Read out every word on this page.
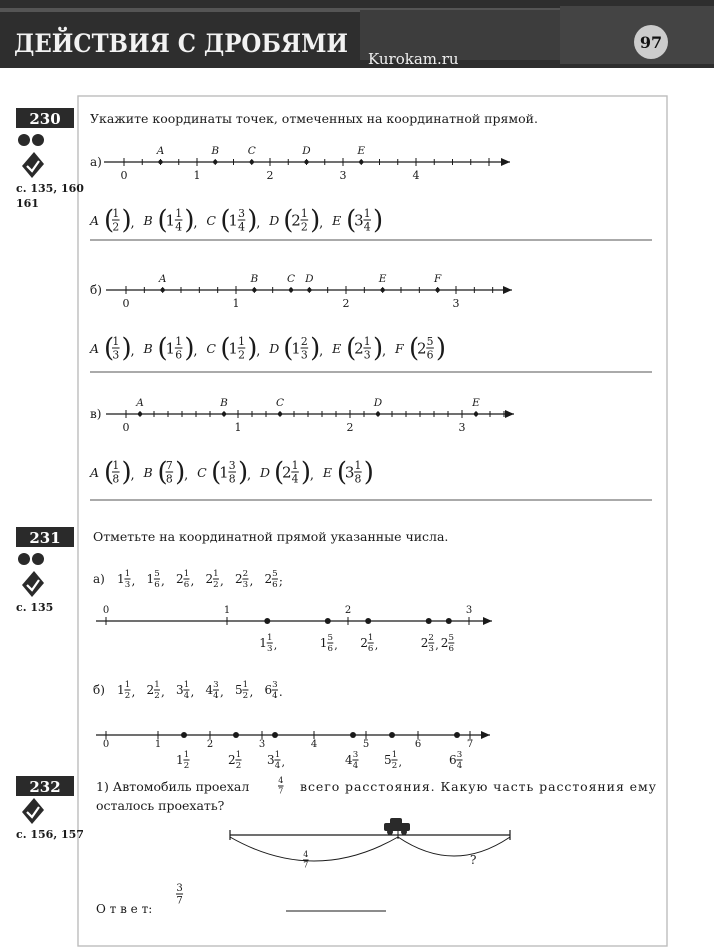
ДЕЙСТВИЯ С ДРОБЯМИ
Kurokam.ru
97
230
с. 135, 160
161
231
с. 135
232
с. 156, 157
Укажите координаты точек, отмеченных на координатной прямой.
а)
0	1	2	3	4
A	B	C	D	E
A ( )
, B ( )
, C ( )
, D ( )
, E ( )
1
2	1 1
4	1 3
4	2 1
2	3 1
4
б)
0	1	2	3
A	B	C D	E	F
A ( )
, B ( )
, C ( )
, D ( )
, E ( )
, F ( )
1
3	1 1
6	1 1
2	1 2
3	2 1
3	2 5
6
в)
0	1	2	3
A	B	C	D	E
A ( )
, B ( )
, C ( )
, D ( )
, E ( )
1
8
7
8	1 3
8	2 1
4	3 1
8
Отметьте на координатной прямой указанные числа.
а) , , , , , ;
1 1
3 1 5
6 2 1
6 2 1
2 2 2
3 2 5
6
0	1	2	3
,	,	,	,
1 1
3	1 5
6 2 1
6	2 2
3 2 5
6
б) , , , , , .
1 1
2 2 1
2 3 1
4 4 3
4 5 1
2 6 3
4
0	1	2	3	4	5	6	7
,	,
1 1
2	2 1
2 3 1
4	4 3
4 5 1
2	6 3
4
1) Автомобиль проехал	всего расстояния. Какую часть расстояния ему
осталось проехать?
4
7
?
4
7
О т в е т:
3
7
